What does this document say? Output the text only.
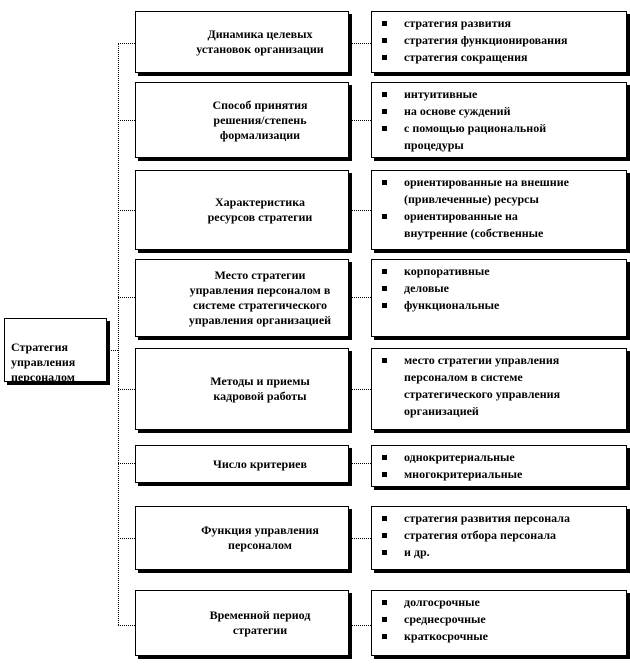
Стратегия
управления
персоналом

Динамика целевых
установок организации
стратегия развития
стратегия функционирования
стратегия сокращения
Способ принятия
решения/степень
формализации
интуитивные
на основе суждений
с помощью рациональной
процедуры
Характеристика
ресурсов стратегии
ориентированные на внешние
(привлеченные) ресурсы
ориентированные на
внутренние (собственные
Место стратегии
управления персоналом в
системе стратегического
управления организацией
корпоративные
деловые
функциональные
Методы и приемы
кадровой работы
место стратегии управления
персоналом в системе
стратегического управления
организацией
Число критериев	однокритериальные
многокритериальные
Функция управления
персоналом
стратегия развития персонала
стратегия отбора персонала
и др.
Временной период
стратегии
долгосрочные
среднесрочные
краткосрочные
